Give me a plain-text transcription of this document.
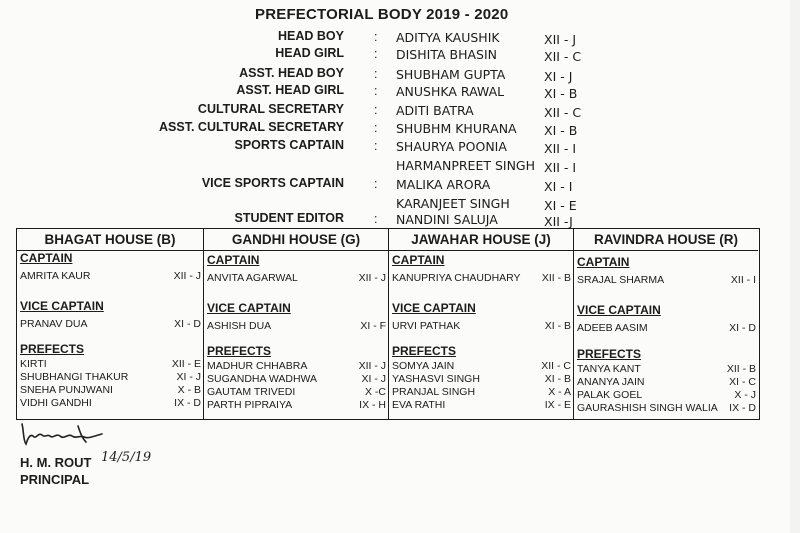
PREFECTORIAL BODY 2019 - 2020
HEAD BOY : ADITYA KAUSHIK	XII - J
HEAD GIRL : DISHITA BHASIN	XII - C
ASST. HEAD BOY : SHUBHAM GUPTA	XI - J
ASST. HEAD GIRL : ANUSHKA RAWAL	XI - B
CULTURAL SECRETARY : ADITI BATRA	XII - C
ASST. CULTURAL SECRETARY : SHUBHM KHURANA XI - B
SPORTS CAPTAIN : SHAURYA POONIA	XII - I
HARMANPREET SINGH XII - I
VICE SPORTS CAPTAIN : MALIKA ARORA	XI - I
KARANJEET SINGH	XI - E
STUDENT EDITOR : NANDINI SALUJA	XII -J
BHAGAT HOUSE (B)
CAPTAIN
AMRITA KAUR	XII - J
VICE CAPTAIN
PRANAV DUA	XI - D
PREFECTS
KIRTI	XII - E
SHUBHANGI THAKUR	XI - J
SNEHA PUNJWANI	X - B
VIDHI GANDHI	IX - D
GANDHI HOUSE (G)
CAPTAIN
ANVITA AGARWAL	XII - J
VICE CAPTAIN
ASHISH DUA	XI - F
PREFECTS
MADHUR CHHABRA	XII - J
SUGANDHA WADHWA	XI - J
GAUTAM TRIVEDI	X -C
PARTH PIPRAIYA	IX - H
JAWAHAR HOUSE (J)
CAPTAIN
KANUPRIYA CHAUDHARY XII - B
VICE CAPTAIN
URVI PATHAK	XI - B
PREFECTS
SOMYA JAIN	XII - C
YASHASVI SINGH	XI - B
PRANJAL SINGH	X - A
EVA RATHI	IX - E
RAVINDRA HOUSE (R)
CAPTAIN
SRAJAL SHARMA	XII - I
VICE CAPTAIN
ADEEB AASIM	XI - D
PREFECTS
TANYA KANT	XII - B
ANANYA JAIN	XI - C
PALAK GOEL	X - J
GAURASHISH SINGH WALIA IX - D
H. M. ROUT 14/5/19
PRINCIPAL
